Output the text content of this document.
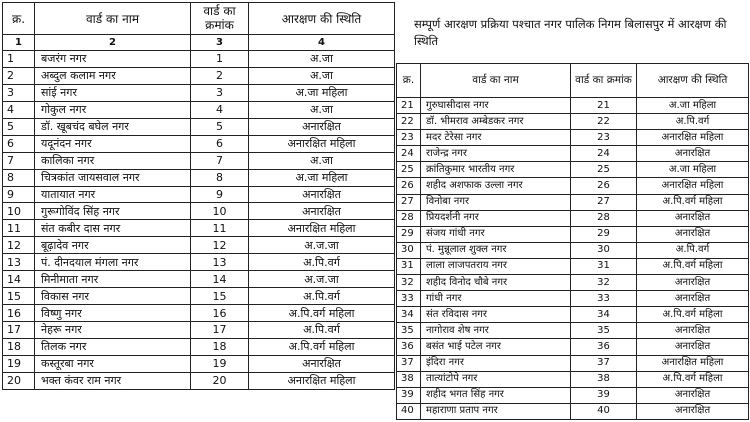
क्र.	वार्ड का नाम	वार्ड का क्रमांक	आरक्षण की स्थिति
1	2	3	4
1	बजरंग नगर	1	अ.जा
2	अब्दुल कलाम नगर	2	अ.जा
3	सांई नगर	3	अ.जा महिला
4	गोकुल नगर	4	अ.जा
5	डॉ. खूबचंद बघेल नगर	5	अनारक्षित
6	यदूनंदन नगर	6	अनारक्षित महिला
7	कालिका नगर	7	अ.जा
8	चित्रकांत जायसवाल नगर	8	अ.जा महिला
9	यातायात नगर	9	अनारक्षित
10	गुरूगोविंद सिंह नगर	10	अनारक्षित
11	संत कबीर दास नगर	11	अनारक्षित महिला
12	बूढ़ादेव नगर	12	अ.ज.जा
13	पं. दीनदयाल मंगला नगर	13	अ.पि.वर्ग
14	मिनीमाता नगर	14	अ.ज.जा
15	विकास नगर	15	अ.पि.वर्ग
16	विष्णु नगर	16	अ.पि.वर्ग महिला
17	नेहरू नगर	17	अ.पि.वर्ग
18	तिलक नगर	18	अ.पि.वर्ग महिला
19	कस्तूरबा नगर	19	अनारक्षित
20	भक्त कंवर राम नगर	20	अनारक्षित महिला
सम्पूर्ण आरक्षण प्रक्रिया पश्चात नगर पालिक निगम बिलासपुर में आरक्षण की स्थिति
क्र.	वार्ड का नाम	वार्ड का क्रमांक	आरक्षण की स्थिति
21	गुरुघासीदास नगर	21	अ.जा महिला
22	डॉ. भीमराव अम्बेडकर नगर	22	अ.पि.वर्ग
23	मदर टेरेसा नगर	23	अनारक्षित महिला
24	राजेन्द्र नगर	24	अनारक्षित
25	क्रांतिकुमार भारतीय नगर	25	अ.जा महिला
26	शहीद अशफाक उल्ला नगर	26	अनारक्षित महिला
27	विनोबा नगर	27	अ.पि.वर्ग महिला
28	प्रियदर्शनी नगर	28	अनारक्षित
29	संजय गांधी नगर	29	अनारक्षित
30	पं. मुन्नूलाल शुक्ल नगर	30	अ.पि.वर्ग
31	लाला लाजपतराय नगर	31	अ.पि.वर्ग महिला
32	शहीद विनोद चौबे नगर	32	अनारक्षित
33	गांधी नगर	33	अनारक्षित
34	संत रविदास नगर	34	अ.पि.वर्ग महिला
35	नागोराव शेष नगर	35	अनारक्षित
36	बसंत भाई पटेल नगर	36	अनारक्षित
37	इंदिरा नगर	37	अनारक्षित महिला
38	तात्यांटोपे नगर	38	अ.पि.वर्ग महिला
39	शहीद भगत सिंह नगर	39	अनारक्षित
40	महाराणा प्रताप नगर	40	अनारक्षित
